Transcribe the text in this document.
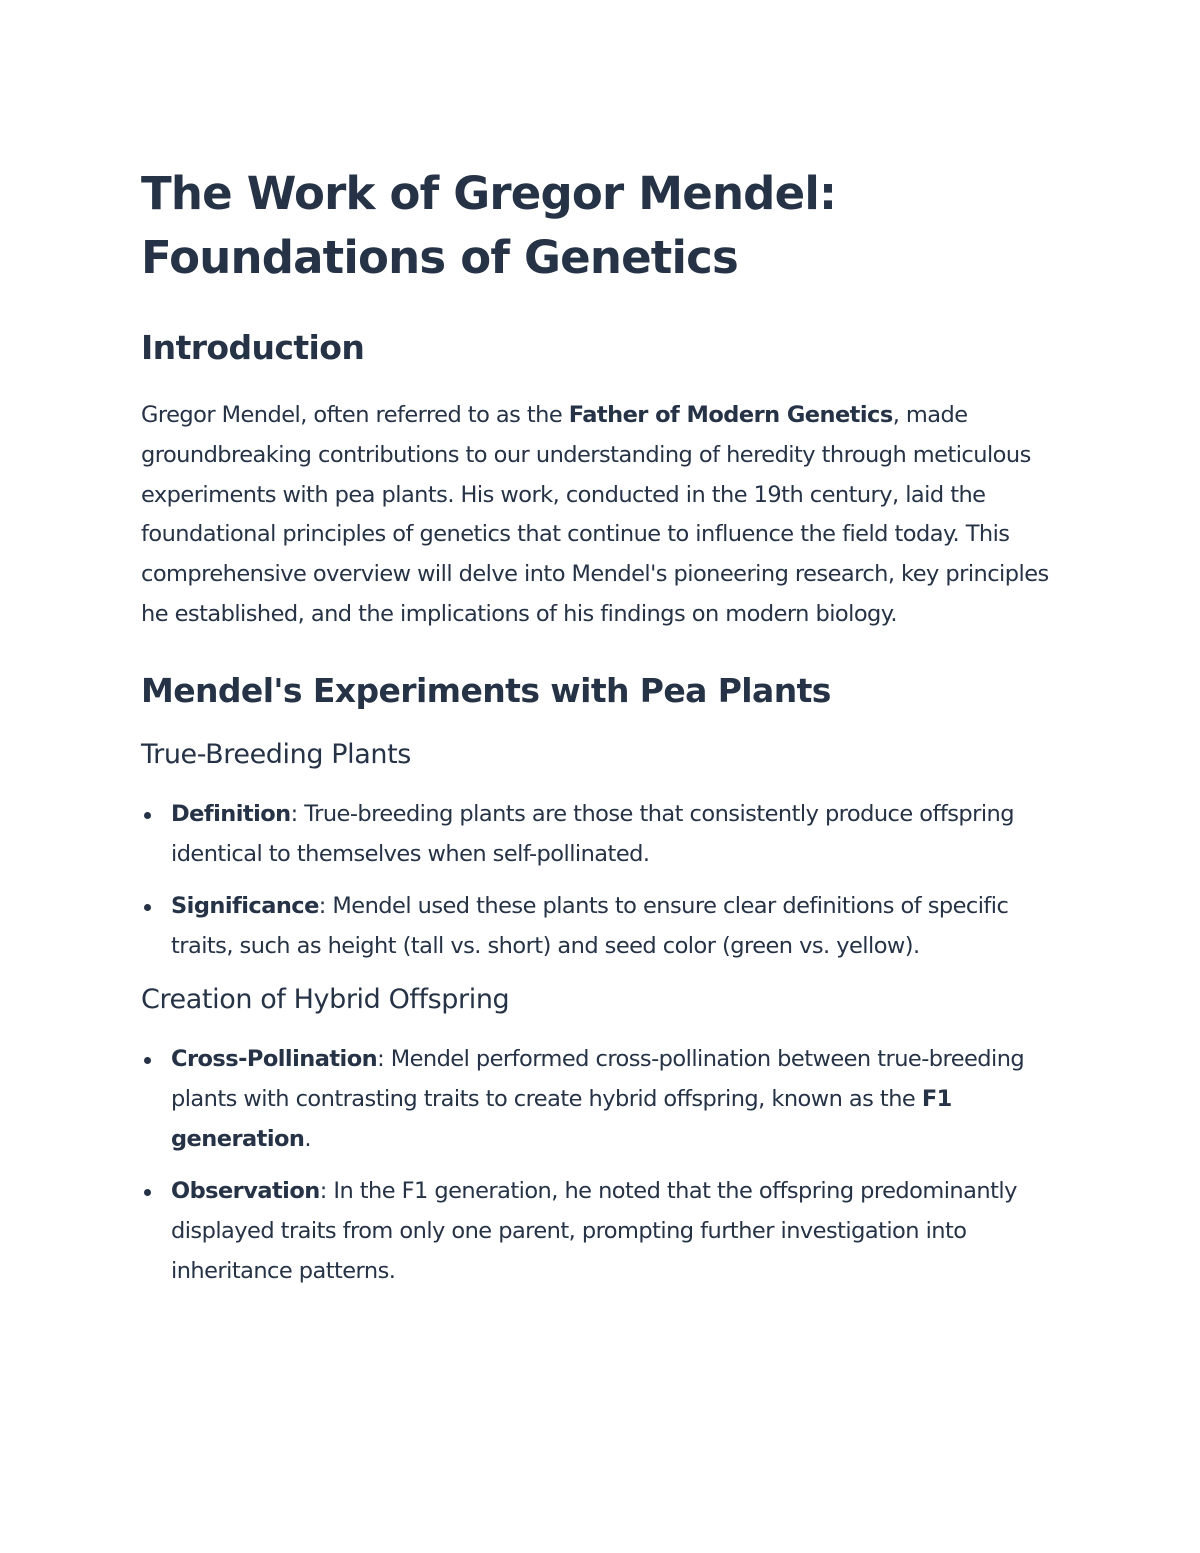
The Work of Gregor Mendel:
Foundations of Genetics
Introduction

Gregor Mendel, often referred to as the Father of Modern Genetics, made groundbreaking contributions to our understanding of heredity through meticulous experiments with pea plants. His work, conducted in the 19th century, laid the foundational principles of genetics that continue to influence the field today. This comprehensive overview will delve into Mendel's pioneering research, key principles he established, and the implications of his findings on modern biology.

Mendel's Experiments with Pea Plants
True-Breeding Plants
Definition: True-breeding plants are those that consistently produce offspring identical to themselves when self-pollinated.
Significance: Mendel used these plants to ensure clear definitions of specific traits, such as height (tall vs. short) and seed color (green vs. yellow).
Creation of Hybrid Offspring
Cross-Pollination: Mendel performed cross-pollination between true-breeding plants with contrasting traits to create hybrid offspring, known as the F1 generation.
Observation: In the F1 generation, he noted that the offspring predominantly displayed traits from only one parent, prompting further investigation into inheritance patterns.
